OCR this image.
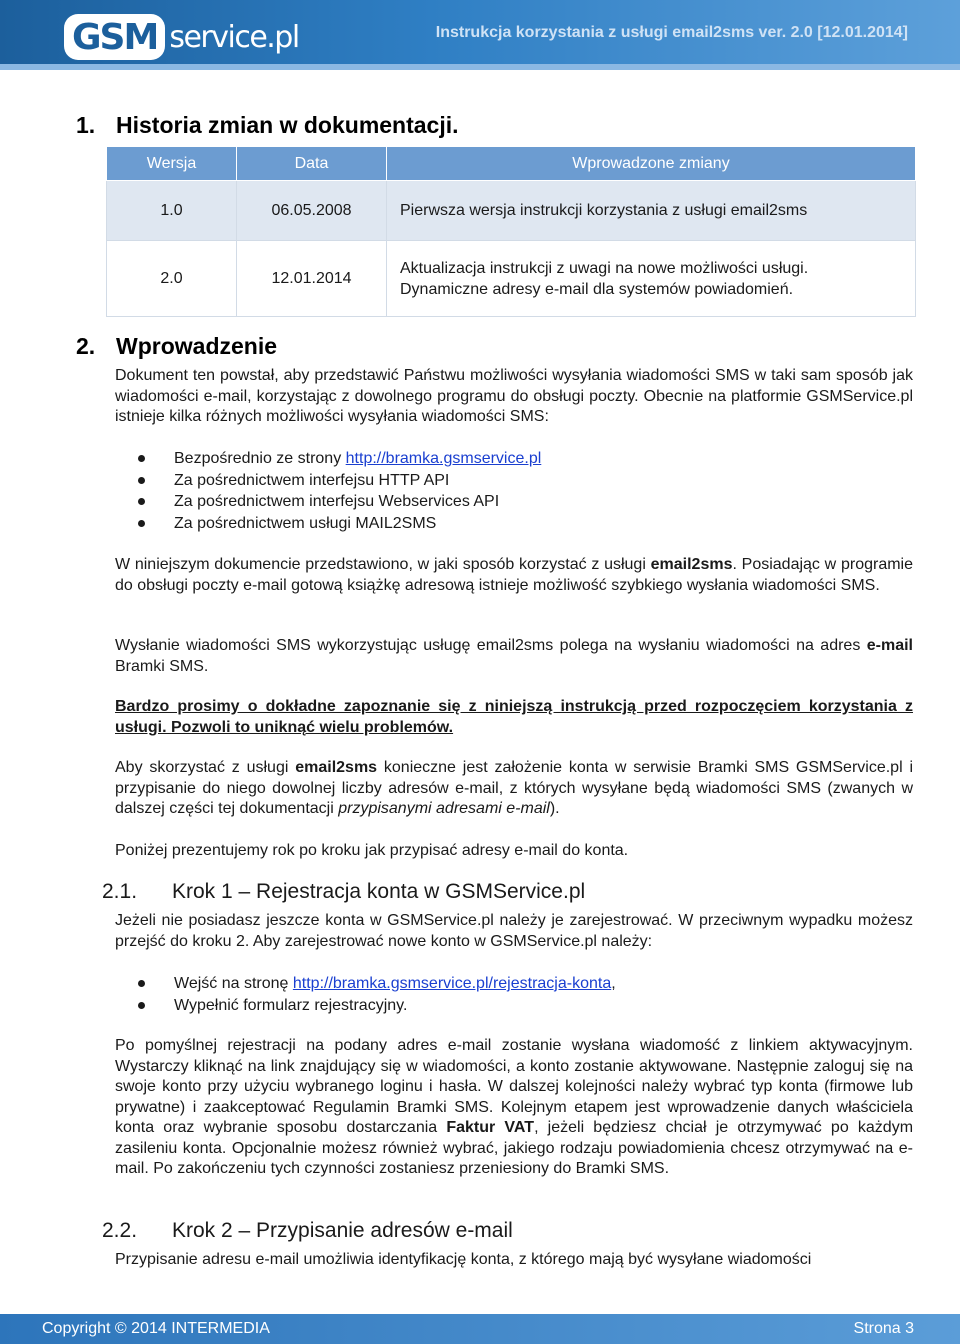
GSM service.pl	Instrukcja korzystania z usługi email2sms ver. 2.0 [12.01.2014]
1. Historia zmian w dokumentacji.
Wersja	Data	Wprowadzone zmiany
1.0	06.05.2008	Pierwsza wersja instrukcji korzystania z usługi email2sms

2.0	12.01.2014	Aktualizacja instrukcji z uwagi na nowe możliwości usługi.
Dynamiczne adresy e-mail dla systemów powiadomień.
2. Wprowadzenie
Dokument ten powstał, aby przedstawić Państwu możliwości wysyłania wiadomości SMS w taki sam sposób jak wiadomości e-mail, korzystając z dowolnego programu do obsługi poczty. Obecnie na platformie GSMService.pl istnieje kilka różnych możliwości wysyłania wiadomości SMS:
Bezpośrednio ze strony http://bramka.gsmservice.pl
Za pośrednictwem interfejsu HTTP API
Za pośrednictwem interfejsu Webservices API
Za pośrednictwem usługi MAIL2SMS
W niniejszym dokumencie przedstawiono, w jaki sposób korzystać z usługi email2sms. Posiadając w programie do obsługi poczty e-mail gotową książkę adresową istnieje możliwość szybkiego wysłania wiadomości SMS.
Wysłanie wiadomości SMS wykorzystując usługę email2sms polega na wysłaniu wiadomości na adres e-mail Bramki SMS.
Bardzo prosimy o dokładne zapoznanie się z niniejszą instrukcją przed rozpoczęciem korzystania z usługi. Pozwoli to uniknąć wielu problemów.
Aby skorzystać z usługi email2sms konieczne jest założenie konta w serwisie Bramki SMS GSMService.pl i przypisanie do niego dowolnej liczby adresów e-mail, z których wysyłane będą wiadomości SMS (zwanych w dalszej części tej dokumentacji przypisanymi adresami e-mail).
Poniżej prezentujemy rok po kroku jak przypisać adresy e-mail do konta.
2.1. Krok 1 – Rejestracja konta w GSMService.pl
Jeżeli nie posiadasz jeszcze konta w GSMService.pl należy je zarejestrować. W przeciwnym wypadku możesz przejść do kroku 2. Aby zarejestrować nowe konto w GSMService.pl należy:
Wejść na stronę http://bramka.gsmservice.pl/rejestracja-konta,
Wypełnić formularz rejestracyjny.
Po pomyślnej rejestracji na podany adres e-mail zostanie wysłana wiadomość z linkiem aktywacyjnym. Wystarczy kliknąć na link znajdujący się w wiadomości, a konto zostanie aktywowane. Następnie zaloguj się na swoje konto przy użyciu wybranego loginu i hasła. W dalszej kolejności należy wybrać typ konta (firmowe lub prywatne) i zaakceptować Regulamin Bramki SMS. Kolejnym etapem jest wprowadzenie danych właściciela konta oraz wybranie sposobu dostarczania Faktur VAT, jeżeli będziesz chciał je otrzymywać po każdym zasileniu konta. Opcjonalnie możesz również wybrać, jakiego rodzaju powiadomienia chcesz otrzymywać na e-mail. Po zakończeniu tych czynności zostaniesz przeniesiony do Bramki SMS.
2.2. Krok 2 – Przypisanie adresów e-mail
Przypisanie adresu e-mail umożliwia identyfikację konta, z którego mają być wysyłane wiadomości
Copyright © 2014 INTERMEDIA	Strona 3
